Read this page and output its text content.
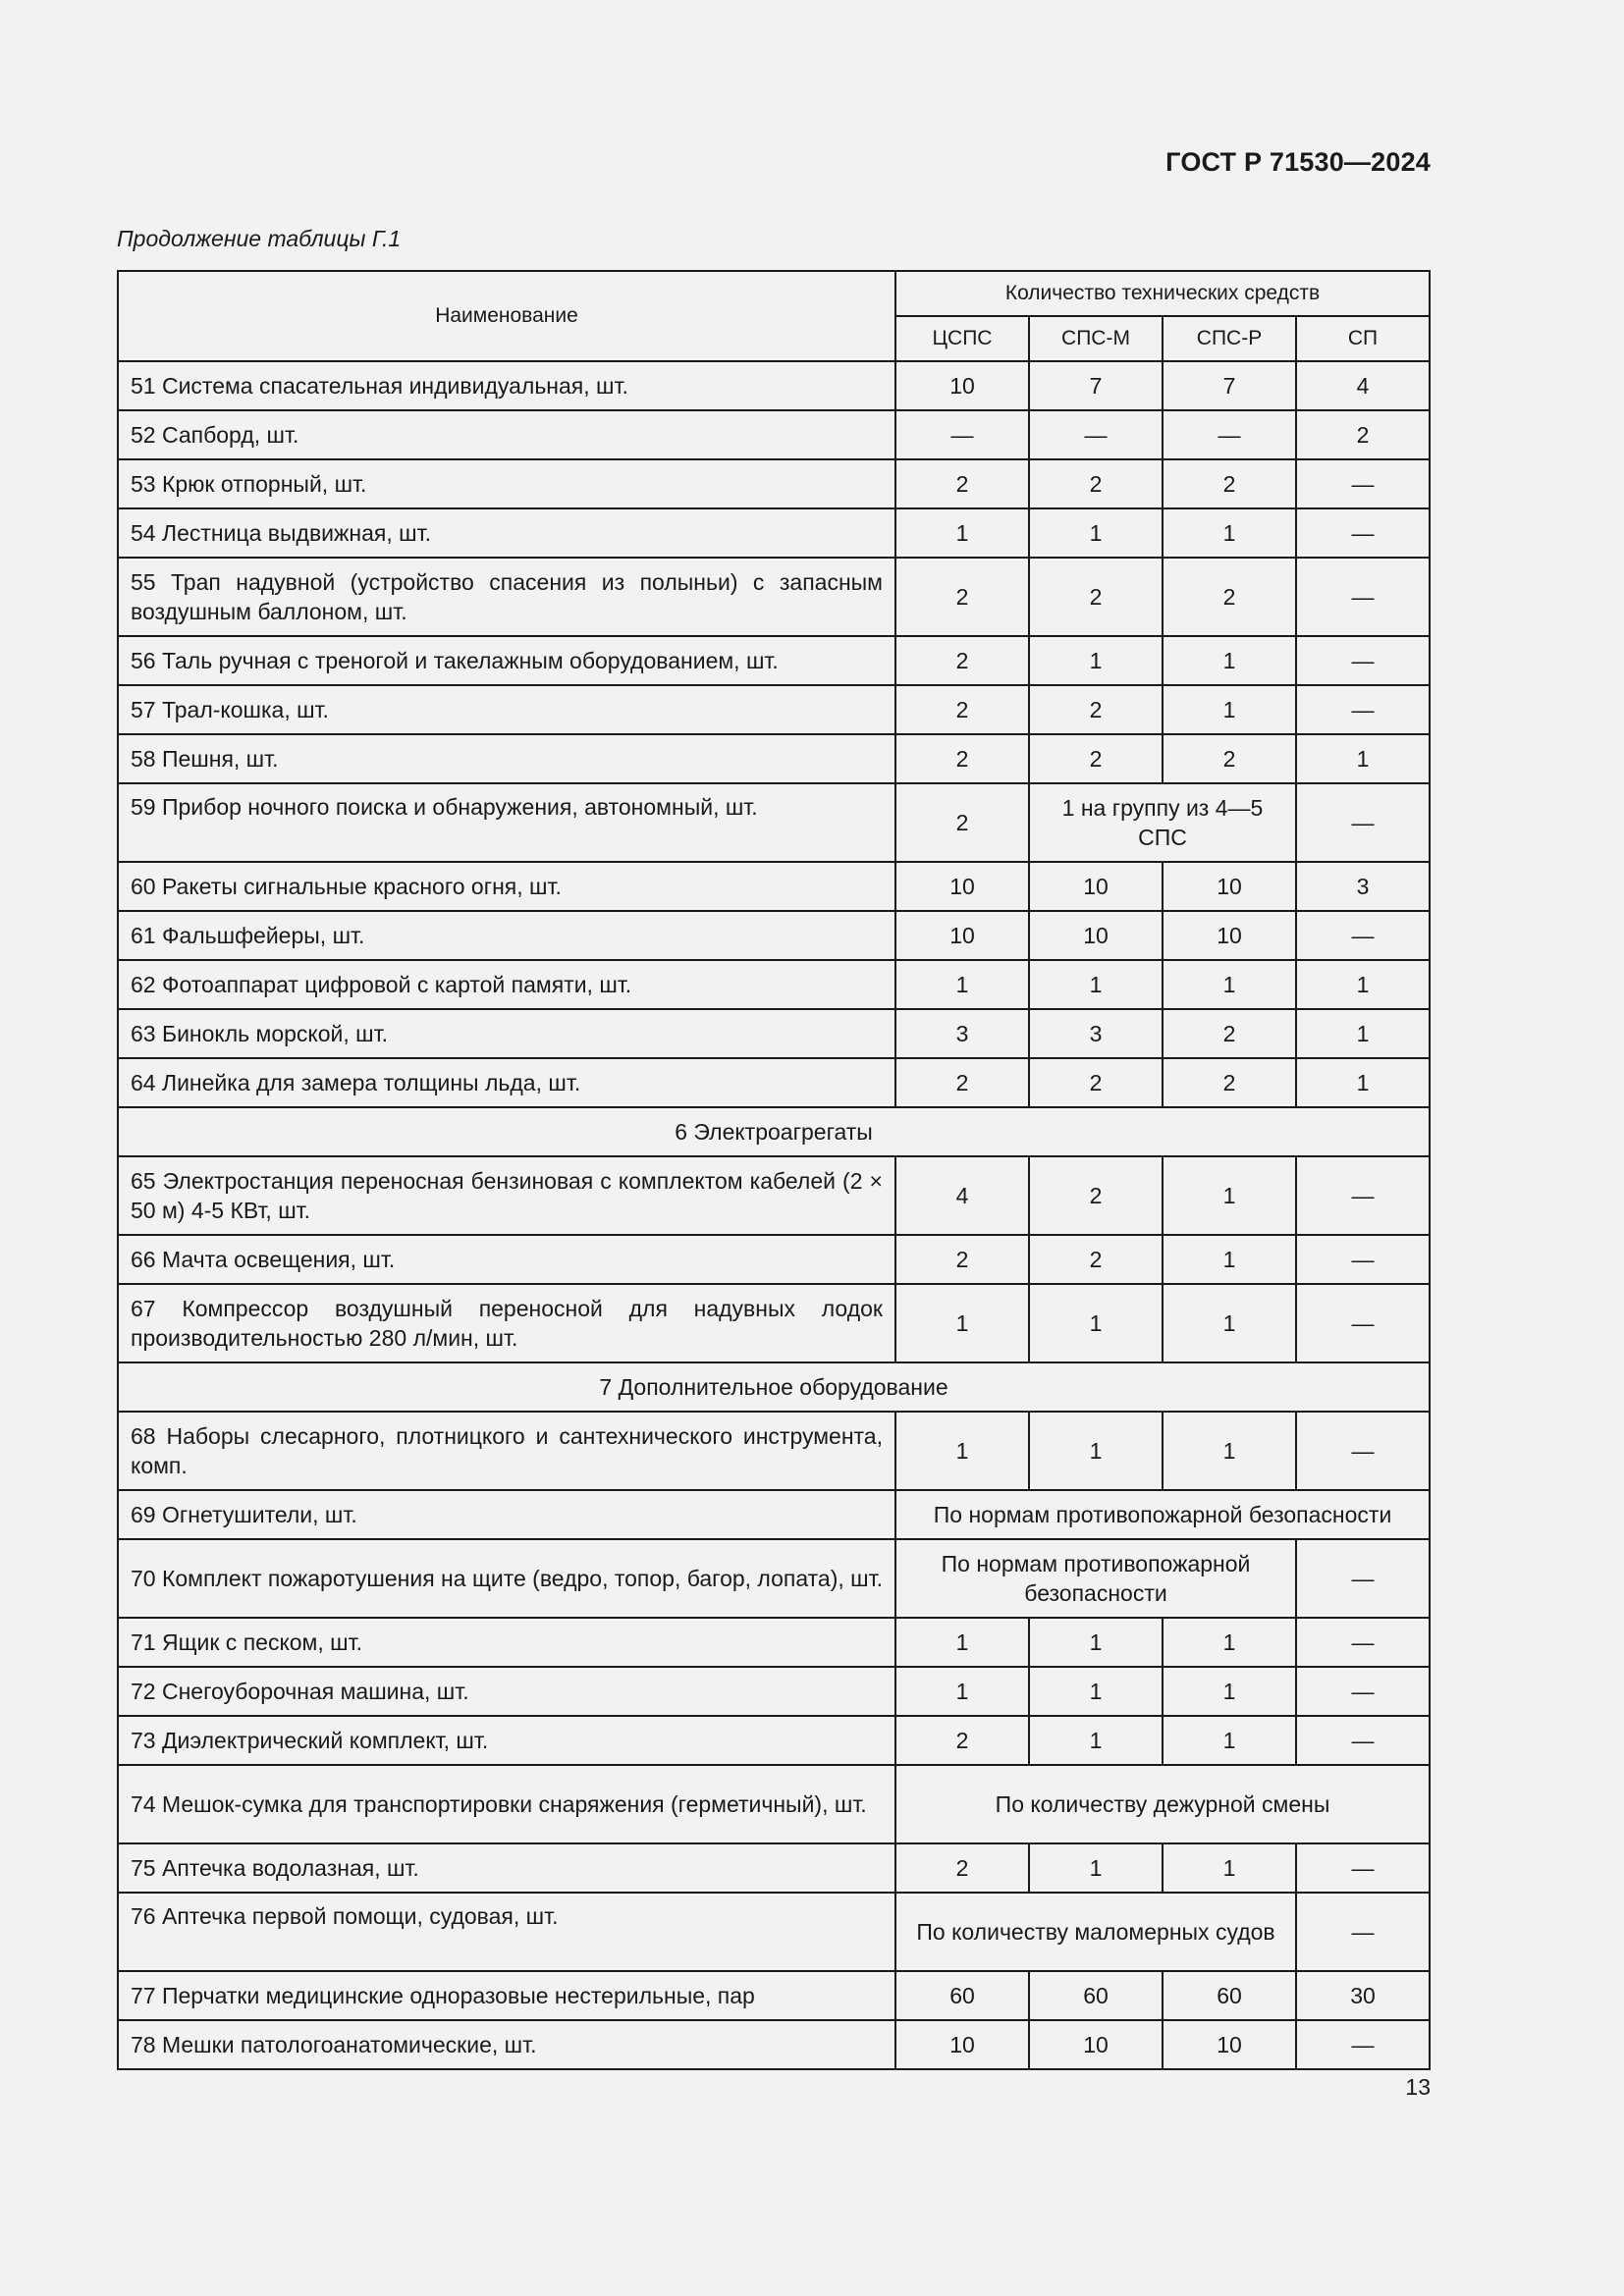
ГОСТ Р 71530—2024
Продолжение таблицы Г.1
Наименование	Количество технических средств			
	ЦСПС	СПС-М	СПС-Р	СП
51 Система спасательная индивидуальная, шт.	10	7	7	4
52 Сапборд, шт.	—	—	—	2
53 Крюк отпорный, шт.	2	2	2	—
54 Лестница выдвижная, шт.	1	1	1	—
55 Трап надувной (устройство спасения из полыньи) с запасным воздушным баллоном, шт.	2	2	2	—
56 Таль ручная с треногой и такелажным оборудованием, шт.	2	1	1	—
57 Трал-кошка, шт.	2	2	1	—
58 Пешня, шт.	2	2	2	1
59 Прибор ночного поиска и обнаружения, автономный, шт.	2	1 на группу из 4—5 СПС		—
60 Ракеты сигнальные красного огня, шт.	10	10	10	3
61 Фальшфейеры, шт.	10	10	10	—
62 Фотоаппарат цифровой с картой памяти, шт.	1	1	1	1
63 Бинокль морской, шт.	3	3	2	1
64 Линейка для замера толщины льда, шт.	2	2	2	1
6 Электроагрегаты				
65 Электростанция переносная бензиновая с комплектом кабелей (2 × 50 м) 4-5 КВт, шт.	4	2	1	—
66 Мачта освещения, шт.	2	2	1	—
67 Компрессор воздушный переносной для надувных лодок производительностью 280 л/мин, шт.	1	1	1	—
7 Дополнительное оборудование				
68 Наборы слесарного, плотницкого и сантехнического инструмента, комп.	1	1	1	—
69 Огнетушители, шт.	По нормам противопожарной безопасности			
70 Комплект пожаротушения на щите (ведро, топор, багор, лопата), шт.	По нормам противопожарной безопасности			—
71 Ящик с песком, шт.	1	1	1	—
72 Снегоуборочная машина, шт.	1	1	1	—
73 Диэлектрический комплект, шт.	2	1	1	—
74 Мешок-сумка для транспортировки снаряжения (герметичный), шт.	По количеству дежурной смены			
75 Аптечка водолазная, шт.	2	1	1	—
76 Аптечка первой помощи, судовая, шт.	По количеству маломерных судов			—
77 Перчатки медицинские одноразовые нестерильные, пар	60	60	60	30
78 Мешки патологоанатомические, шт.	10	10	10	—
13
